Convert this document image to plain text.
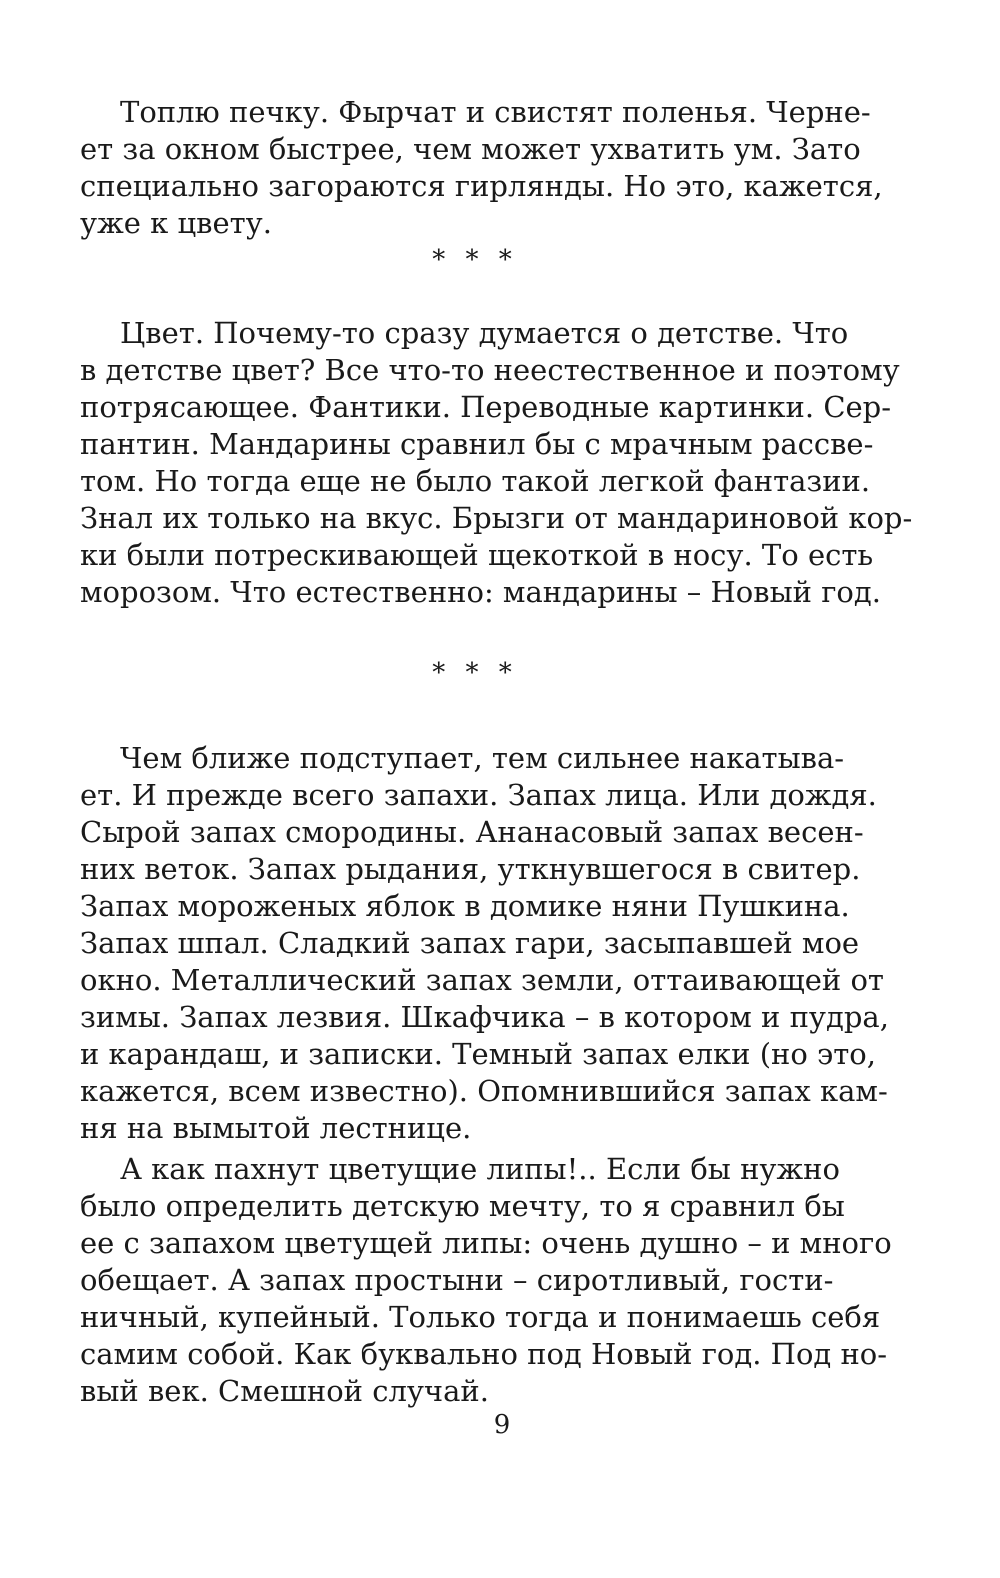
Топлю печку. Фырчат и свистят поленья. Черне-
ет за окном быстрее, чем может ухватить ум. Зато
специально загораются гирлянды. Но это, кажется,
уже к цвету.
* * *
Цвет. Почему-то сразу думается о детстве. Что
в детстве цвет? Все что-то неестественное и поэтому
потрясающее. Фантики. Переводные картинки. Сер-
пантин. Мандарины сравнил бы с мрачным рассве-
том. Но тогда еще не было такой легкой фантазии.
Знал их только на вкус. Брызги от мандариновой кор-
ки были потрескивающей щекоткой в носу. То есть
морозом. Что естественно: мандарины – Новый год.
* * *
Чем ближе подступает, тем сильнее накатыва-
ет. И прежде всего запахи. Запах лица. Или дождя.
Сырой запах смородины. Ананасовый запах весен-
них веток. Запах рыдания, уткнувшегося в свитер.
Запах мороженых яблок в домике няни Пушкина.
Запах шпал. Сладкий запах гари, засыпавшей мое
окно. Металлический запах земли, оттаивающей от
зимы. Запах лезвия. Шкафчика – в котором и пудра,
и карандаш, и записки. Темный запах елки (но это,
кажется, всем известно). Опомнившийся запах кам-
ня на вымытой лестнице.
А как пахнут цветущие липы!.. Если бы нужно
было определить детскую мечту, то я сравнил бы
ее с запахом цветущей липы: очень душно – и много
обещает. А запах простыни – сиротливый, гости-
ничный, купейный. Только тогда и понимаешь себя
самим собой. Как буквально под Новый год. Под но-
вый век. Смешной случай.
9
